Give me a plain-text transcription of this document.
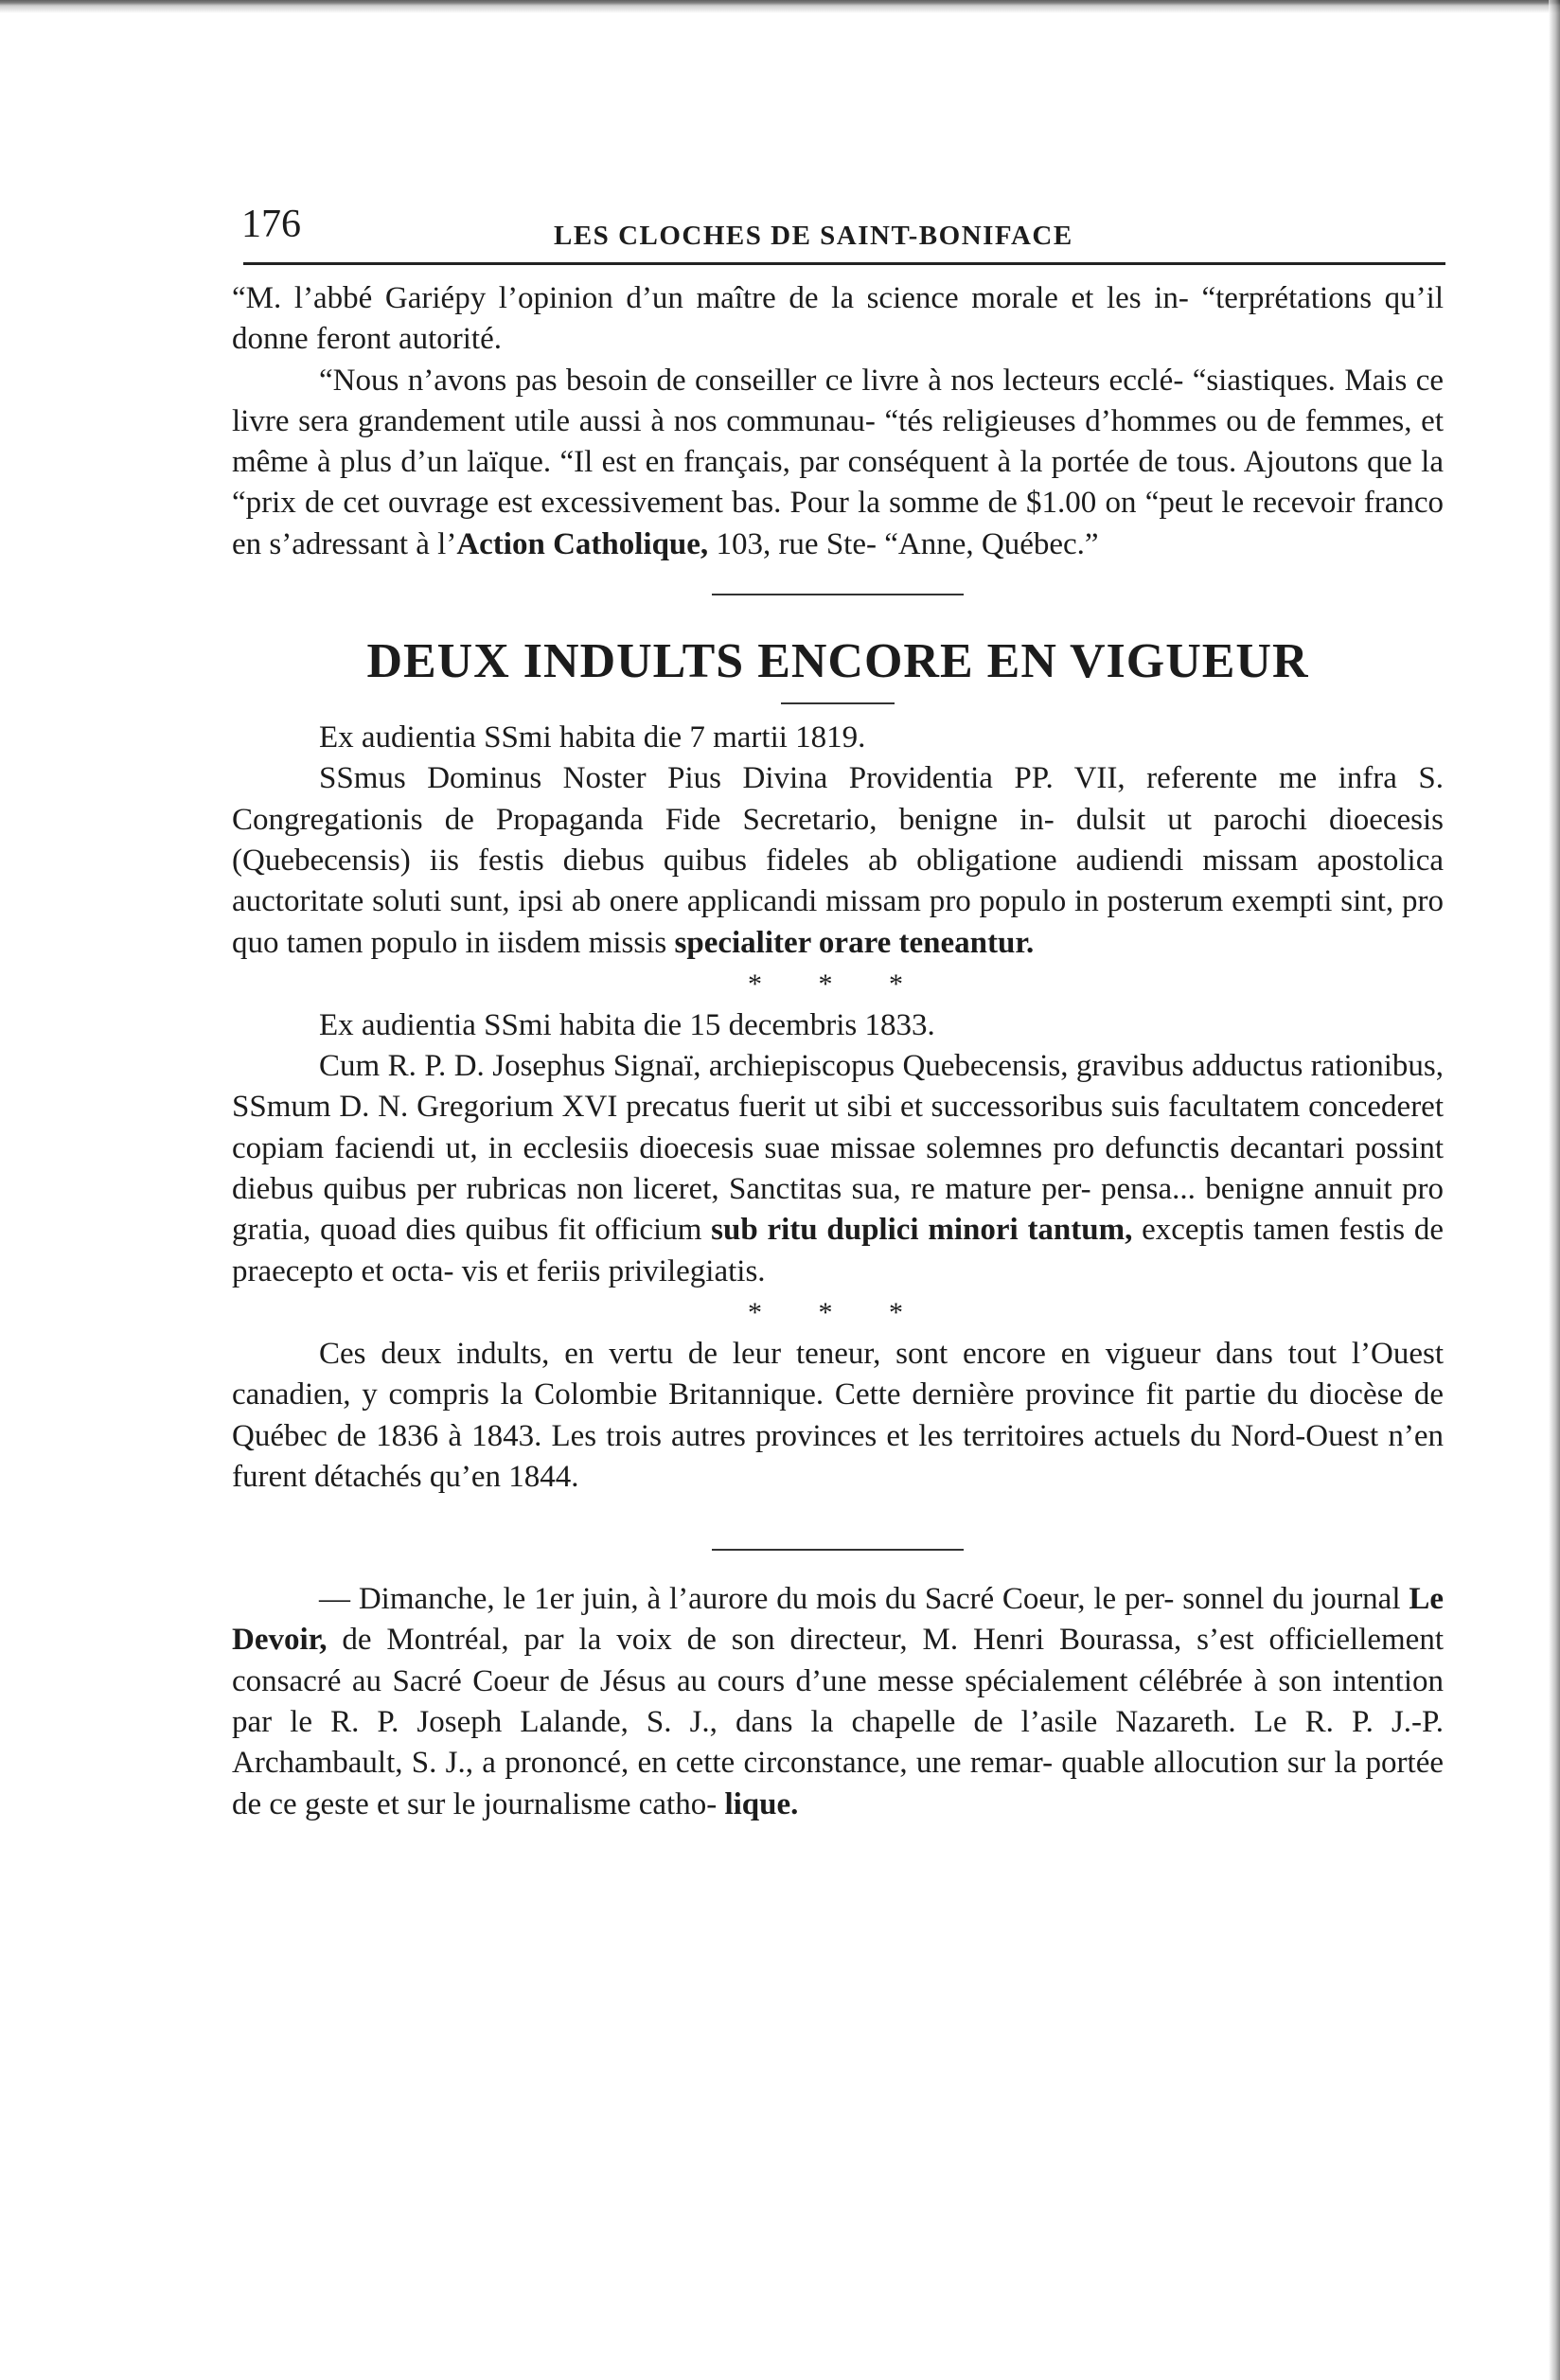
176	LES CLOCHES DE SAINT-BONIFACE

“M. l’abbé Gariépy l’opinion d’un maître de la science morale et les in- “terprétations qu’il donne feront autorité.

“Nous n’avons pas besoin de conseiller ce livre à nos lecteurs ecclé- “siastiques. Mais ce livre sera grandement utile aussi à nos communau- “tés religieuses d’hommes ou de femmes, et même à plus d’un laïque. “Il est en français, par conséquent à la portée de tous. Ajoutons que la “prix de cet ouvrage est excessivement bas. Pour la somme de $1.00 on “peut le recevoir franco en s’adressant à l’Action Catholique, 103, rue Ste- “Anne, Québec.”

DEUX INDULTS ENCORE EN VIGUEUR

Ex audientia SSmi habita die 7 martii 1819.

SSmus Dominus Noster Pius Divina Providentia PP. VII, referente me infra S. Congregationis de Propaganda Fide Secretario, benigne in- dulsit ut parochi dioecesis (Quebecensis) iis festis diebus quibus fideles ab obligatione audiendi missam apostolica auctoritate soluti sunt, ipsi ab onere applicandi missam pro populo in posterum exempti sint, pro quo tamen populo in iisdem missis specialiter orare teneantur.

* * *

Ex audientia SSmi habita die 15 decembris 1833.

Cum R. P. D. Josephus Signaï, archiepiscopus Quebecensis, gravibus adductus rationibus, SSmum D. N. Gregorium XVI precatus fuerit ut sibi et successoribus suis facultatem concederet copiam faciendi ut, in ecclesiis dioecesis suae missae solemnes pro defunctis decantari possint diebus quibus per rubricas non liceret, Sanctitas sua, re mature per- pensa... benigne annuit pro gratia, quoad dies quibus fit officium sub ritu duplici minori tantum, exceptis tamen festis de praecepto et octa- vis et feriis privilegiatis.

* * *

Ces deux indults, en vertu de leur teneur, sont encore en vigueur dans tout l’Ouest canadien, y compris la Colombie Britannique. Cette dernière province fit partie du diocèse de Québec de 1836 à 1843. Les trois autres provinces et les territoires actuels du Nord-Ouest n’en furent détachés qu’en 1844.

— Dimanche, le 1er juin, à l’aurore du mois du Sacré Coeur, le per- sonnel du journal Le Devoir, de Montréal, par la voix de son directeur, M. Henri Bourassa, s’est officiellement consacré au Sacré Coeur de Jésus au cours d’une messe spécialement célébrée à son intention par le R. P. Joseph Lalande, S. J., dans la chapelle de l’asile Nazareth. Le R. P. J.-P. Archambault, S. J., a prononcé, en cette circonstance, une remar- quable allocution sur la portée de ce geste et sur le journalisme catho- lique.
